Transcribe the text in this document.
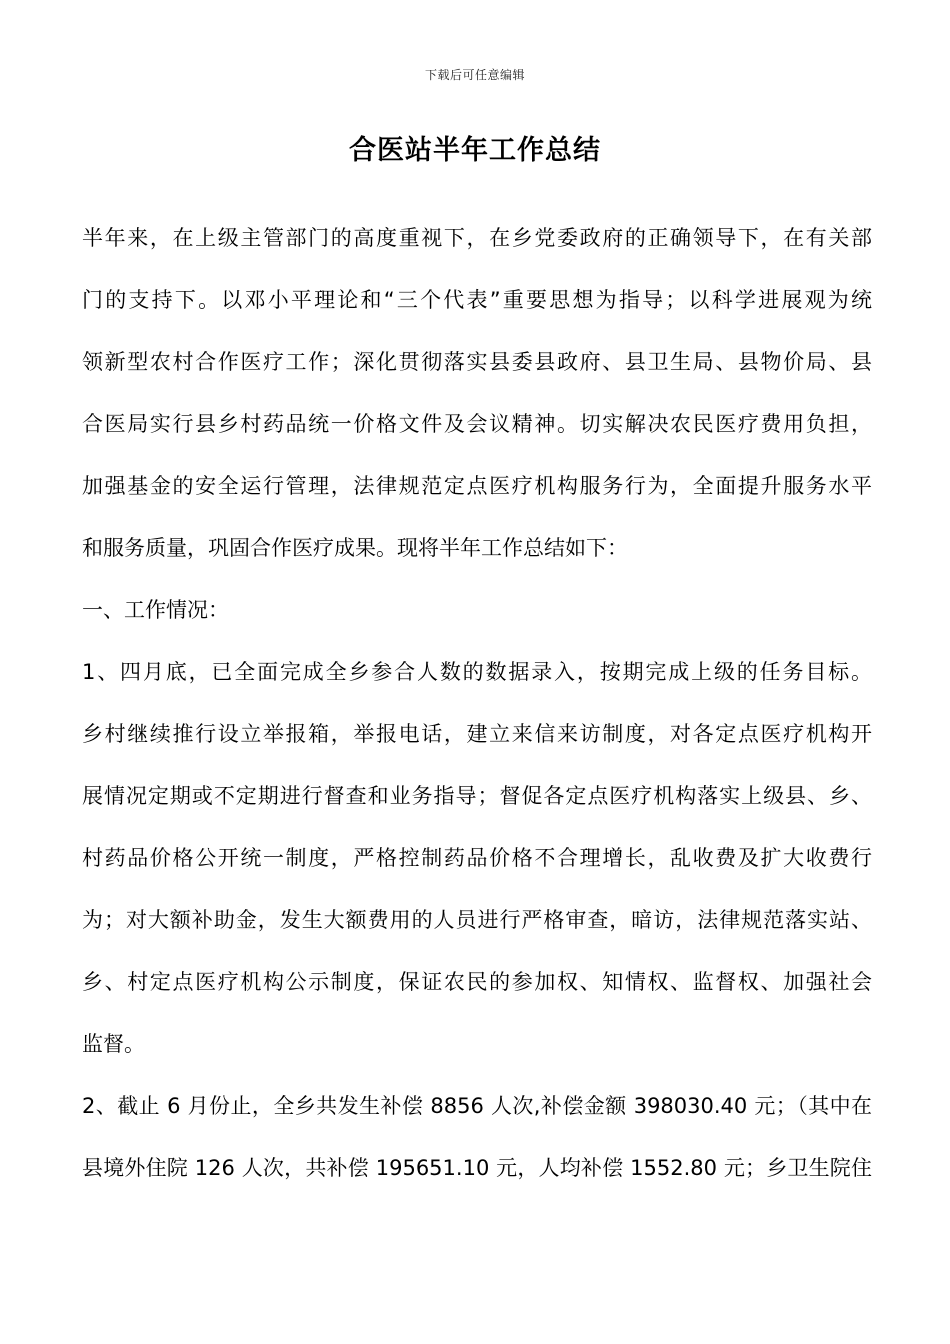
下载后可任意编辑
合医站半年工作总结
半年来，在上级主管部门的高度重视下，在乡党委政府的正确领导下，在有关部
门的支持下。以邓小平理论和“三个代表”重要思想为指导；以科学进展观为统
领新型农村合作医疗工作；深化贯彻落实县委县政府、县卫生局、县物价局、县
合医局实行县乡村药品统一价格文件及会议精神。切实解决农民医疗费用负担，
加强基金的安全运行管理，法律规范定点医疗机构服务行为，全面提升服务水平
和服务质量，巩固合作医疗成果。现将半年工作总结如下：
一、工作情况：
1、四月底，已全面完成全乡参合人数的数据录入，按期完成上级的任务目标。
乡村继续推行设立举报箱，举报电话，建立来信来访制度，对各定点医疗机构开
展情况定期或不定期进行督查和业务指导；督促各定点医疗机构落实上级县、乡、
村药品价格公开统一制度，严格控制药品价格不合理增长，乱收费及扩大收费行
为；对大额补助金，发生大额费用的人员进行严格审查，暗访，法律规范落实站、
乡、村定点医疗机构公示制度，保证农民的参加权、知情权、监督权、加强社会
监督。
2、截止 6 月份止，全乡共发生补偿 8856 人次,补偿金额 398030.40 元；（其中在
县境外住院 126 人次，共补偿 195651.10 元，人均补偿 1552.80 元；乡卫生院住
